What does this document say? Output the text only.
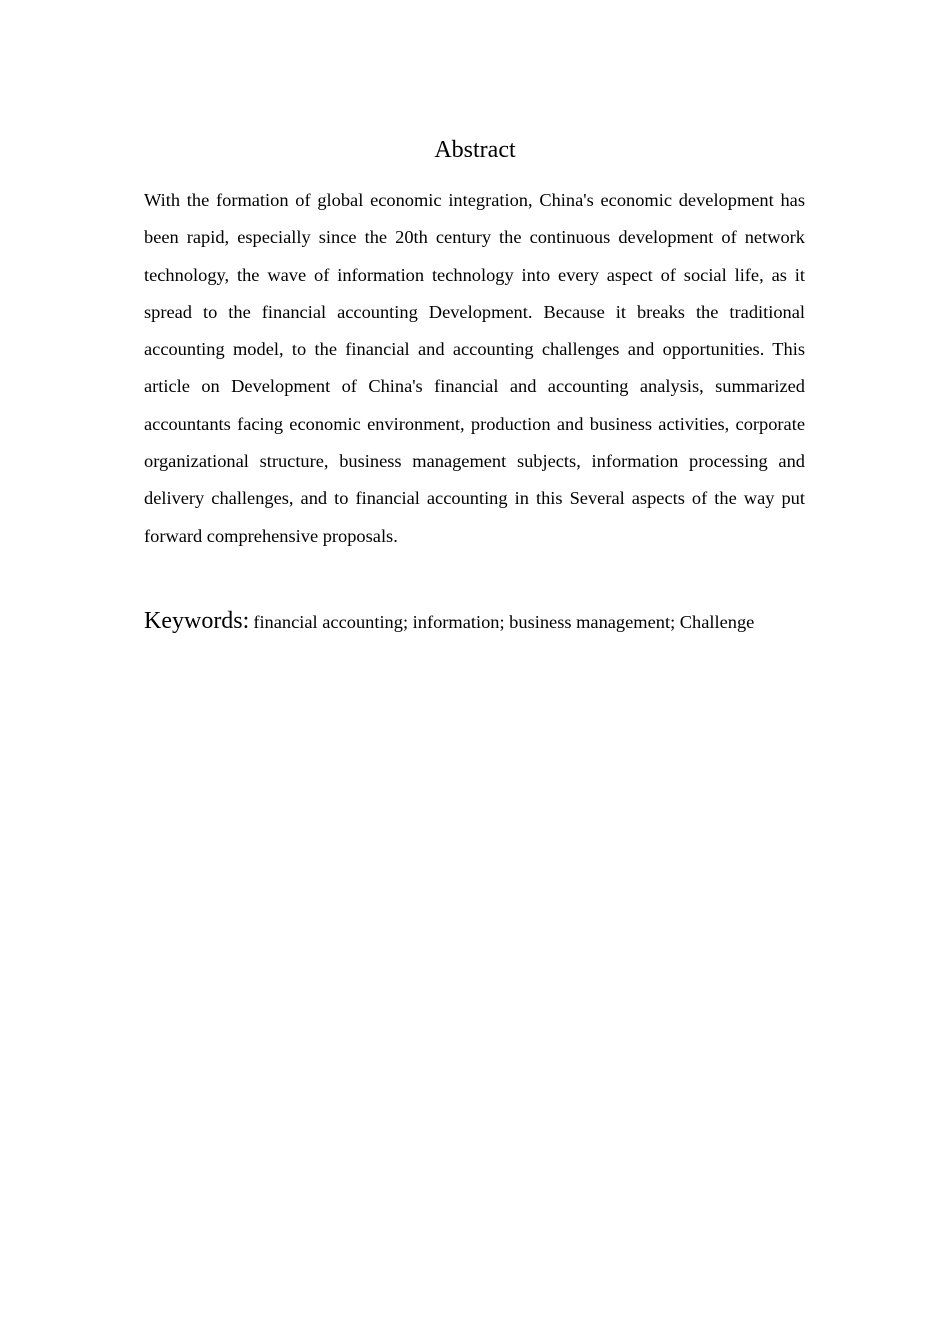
Abstract

With the formation of global economic integration, China's economic development has been rapid, especially since the 20th century the continuous development of network technology, the wave of information technology into every aspect of social life, as it spread to the financial accounting Development. Because it breaks the traditional accounting model, to the financial and accounting challenges and opportunities. This article on Development of China's financial and accounting analysis, summarized accountants facing economic environment, production and business activities, corporate organizational structure, business management subjects, information processing and delivery challenges, and to financial accounting in this Several aspects of the way put forward comprehensive proposals.

Keywords: financial accounting; information; business management; Challenge
